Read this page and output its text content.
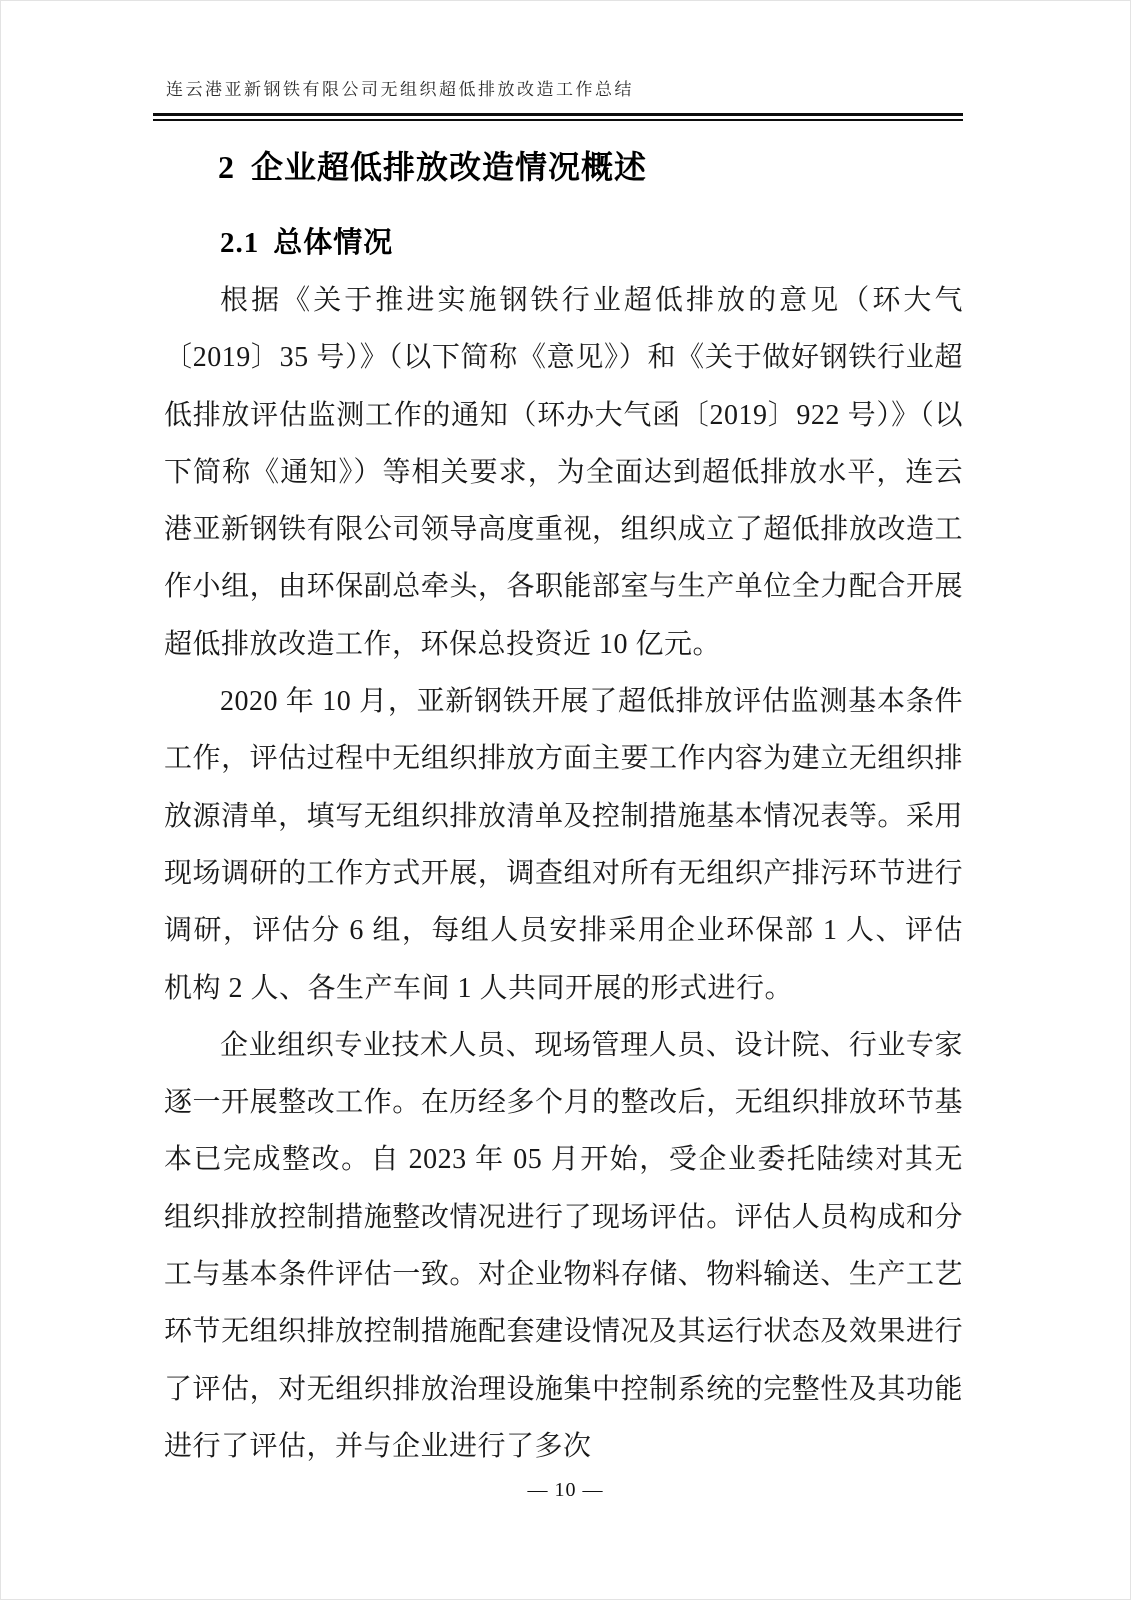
连云港亚新钢铁有限公司无组织超低排放改造工作总结
2 企业超低排放改造情况概述
2.1 总体情况

根据《关于推进实施钢铁行业超低排放的意见（环大气〔2019〕35 号）》（以下简称《意见》）和《关于做好钢铁行业超低排放评估监测工作的通知（环办大气函〔2019〕922 号）》（以下简称《通知》）等相关要求，为全面达到超低排放水平，连云港亚新钢铁有限公司领导高度重视，组织成立了超低排放改造工作小组，由环保副总牵头，各职能部室与生产单位全力配合开展超低排放改造工作，环保总投资近 10 亿元。

2020 年 10 月，亚新钢铁开展了超低排放评估监测基本条件工作，评估过程中无组织排放方面主要工作内容为建立无组织排放源清单，填写无组织排放清单及控制措施基本情况表等。采用现场调研的工作方式开展，调查组对所有无组织产排污环节进行调研，评估分 6 组，每组人员安排采用企业环保部 1 人、评估机构 2 人、各生产车间 1 人共同开展的形式进行。

企业组织专业技术人员、现场管理人员、设计院、行业专家逐一开展整改工作。在历经多个月的整改后，无组织排放环节基本已完成整改。自 2023 年 05 月开始，受企业委托陆续对其无组织排放控制措施整改情况进行了现场评估。评估人员构成和分工与基本条件评估一致。对企业物料存储、物料输送、生产工艺环节无组织排放控制措施配套建设情况及其运行状态及效果进行了评估，对无组织排放治理设施集中控制系统的完整性及其功能进行了评估，并与企业进行了多次

— 10 —
